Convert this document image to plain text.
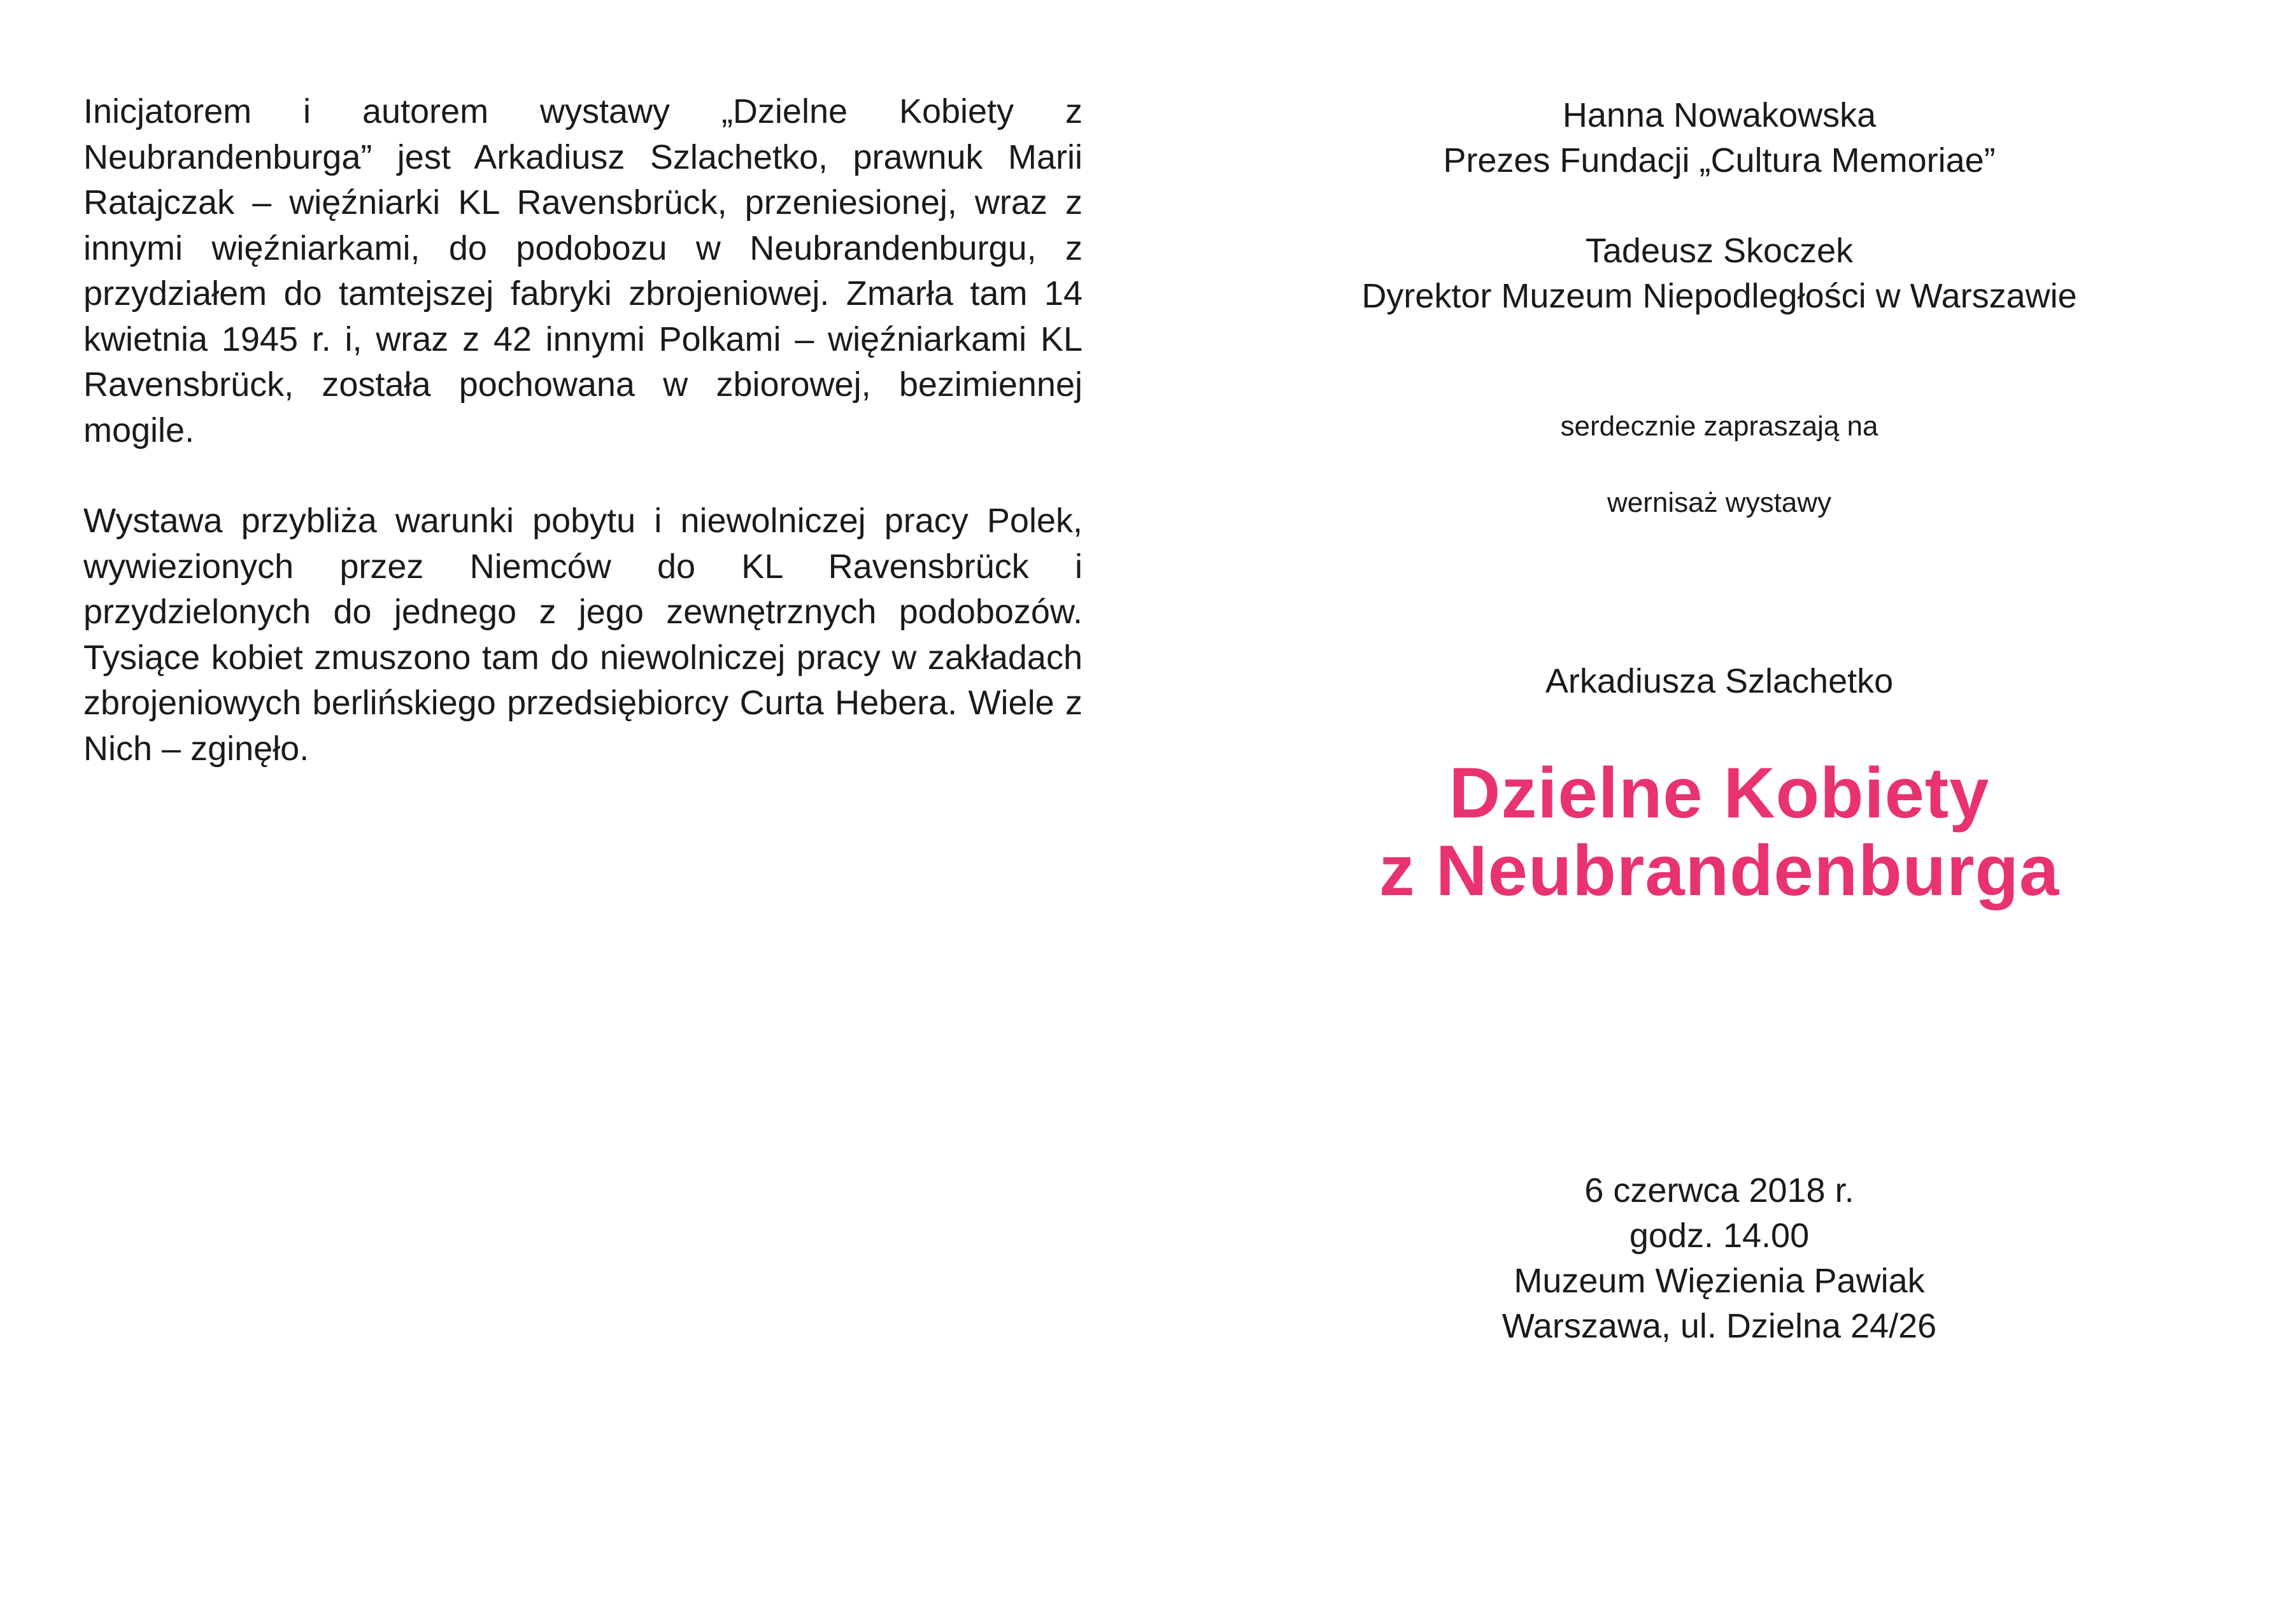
Inicjatorem i autorem wystawy „Dzielne Kobiety z Neubrandenburga” jest Arkadiusz Szlachetko, prawnuk Marii Ratajczak – więźniarki KL Ravensbrück, przeniesionej, wraz z innymi więźniarkami, do podobozu w Neubrandenburgu, z przydziałem do tamtejszej fabryki zbrojeniowej. Zmarła tam 14 kwietnia 1945 r. i, wraz z 42 innymi Polkami – więźniarkami KL Ravensbrück, została pochowana w zbiorowej, bezimiennej mogile.

Wystawa przybliża warunki pobytu i niewolniczej pracy Polek, wywiezionych przez Niemców do KL Ravensbrück i przydzielonych do jednego z jego zewnętrznych podobozów. Tysiące kobiet zmuszono tam do niewolniczej pracy w zakładach zbrojeniowych berlińskiego przedsiębiorcy Curta Hebera. Wiele z Nich – zginęło.

Hanna Nowakowska
Prezes Fundacji „Cultura Memoriae”
Tadeusz Skoczek
Dyrektor Muzeum Niepodległości w Warszawie
serdecznie zapraszają na
wernisaż wystawy
Arkadiusza Szlachetko
Dzielne Kobiety
z Neubrandenburga
6 czerwca 2018 r.
godz. 14.00
Muzeum Więzienia Pawiak
Warszawa, ul. Dzielna 24/26
